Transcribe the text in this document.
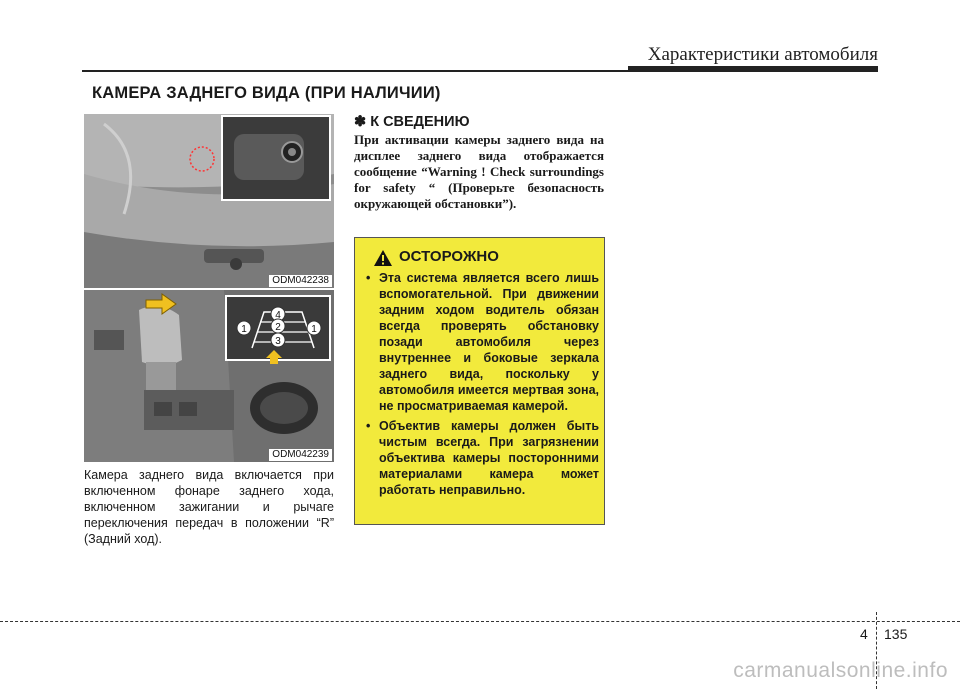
Характеристики автомобиля
КАМЕРА ЗАДНЕГО ВИДА (ПРИ НАЛИЧИИ)
ODM042238
4
2
1	1
3
ODM042239
Камера заднего вида включается при включенном фонаре заднего хода, включенном зажигании и рычаге переключения передач в положении “R” (Задний ход).
✽ К СВЕДЕНИЮ
При активации камеры заднего вида на дисплее заднего вида отображается сообщение “Warning ! Check surroundings for safety “ (Проверьте безопасность окружающей обстановки”).
ОСТОРОЖНО
• Эта система является всего лишь вспомогательной. При движении задним ходом водитель обязан всегда проверять обстановку позади автомобиля через внутреннее и боковые зеркала заднего вида, поскольку у автомобиля имеется мертвая зона, не просматриваемая камерой.
• Объектив камеры должен быть чистым всегда. При загрязнении объектива камеры посторонними материалами камера может работать неправильно.
4 135
carmanualsonline.info
